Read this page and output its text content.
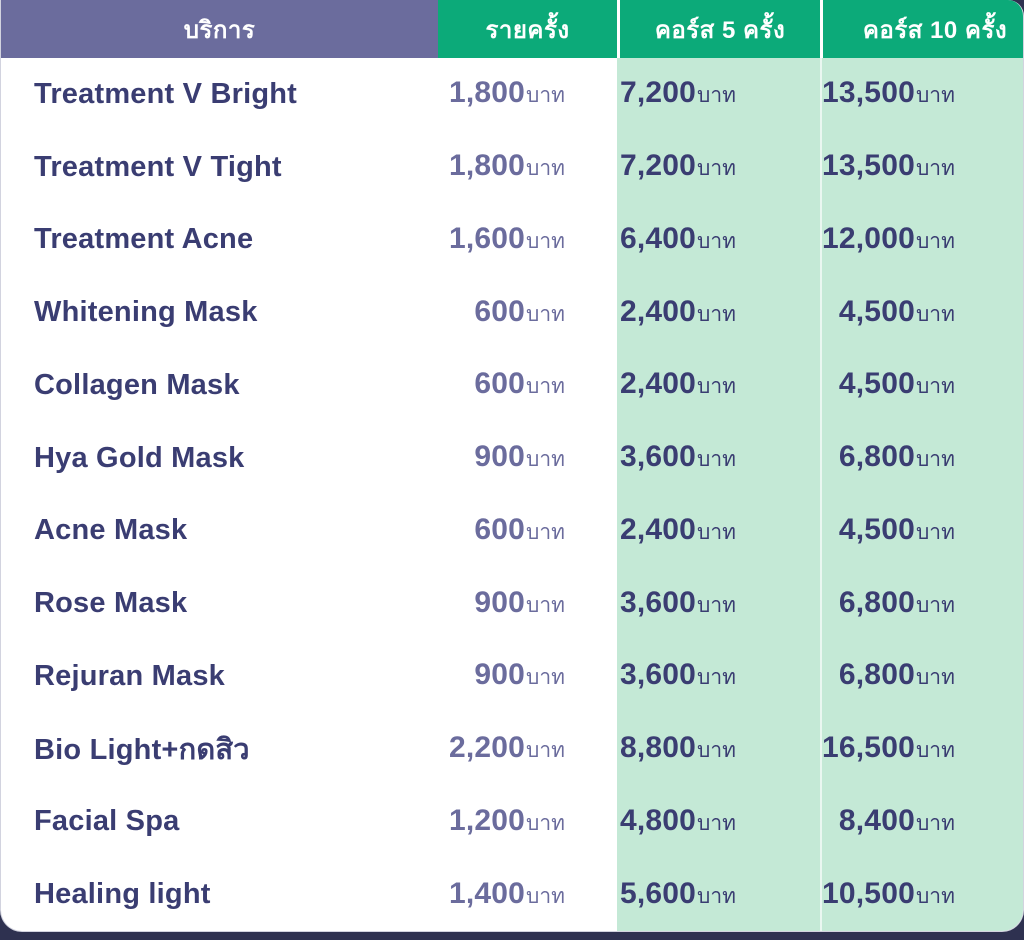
บริการ	รายครั้ง	คอร์ส 5 ครั้ง	คอร์ส 10 ครั้ง
Treatment V Bright	1,800 บาท 7,200 บาท	13,500 บาท
Treatment V Tight	1,800 บาท 7,200 บาท	13,500 บาท
Treatment Acne	1,600 บาท 6,400 บาท	12,000 บาท
Whitening Mask	600 บาท 2,400 บาท	4,500 บาท
Collagen Mask	600 บาท 2,400 บาท	4,500 บาท
Hya Gold Mask	900 บาท 3,600 บาท	6,800 บาท
Acne Mask	600 บาท 2,400 บาท	4,500 บาท
Rose Mask	900 บาท 3,600 บาท	6,800 บาท
Rejuran Mask	900 บาท 3,600 บาท	6,800 บาท
Bio Light+กดสิว	2,200 บาท 8,800 บาท	16,500 บาท
Facial Spa	1,200 บาท 4,800 บาท	8,400 บาท
Healing light	1,400 บาท 5,600 บาท	10,500 บาท
